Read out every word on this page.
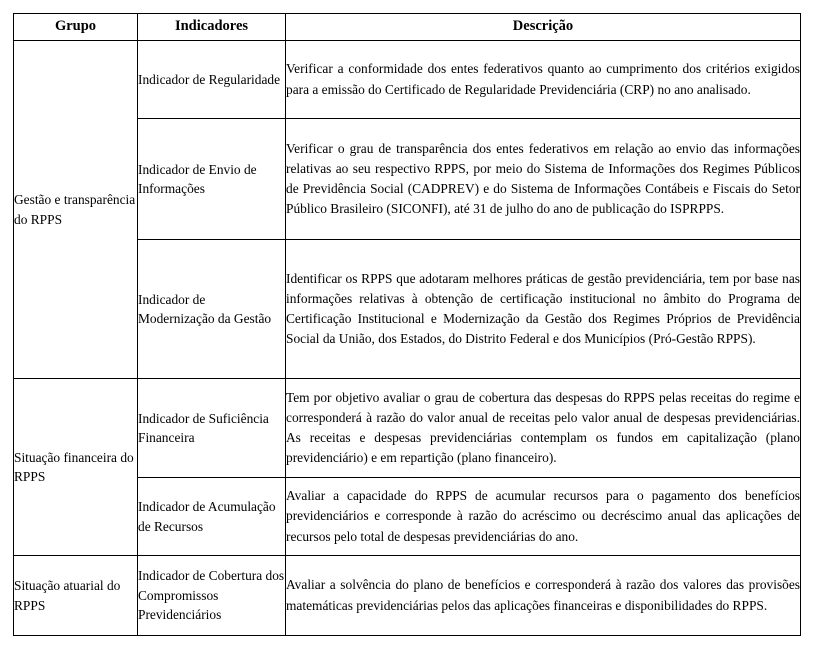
Grupo	Indicadores	Descrição
Gestão e transparência do RPPS	Indicador de Regularidade	Verificar a conformidade dos entes federativos quanto ao cumprimento dos critérios exigidos para a emissão do Certificado de Regularidade Previdenciária (CRP) no ano analisado.
	Indicador de Envio de Informações	Verificar o grau de transparência dos entes federativos em relação ao envio das informações relativas ao seu respectivo RPPS, por meio do Sistema de Informações dos Regimes Públicos de Previdência Social (CADPREV) e do Sistema de Informações Contábeis e Fiscais do Setor Público Brasileiro (SICONFI), até 31 de julho do ano de publicação do ISPRPPS.
	Indicador de Modernização da Gestão	Identificar os RPPS que adotaram melhores práticas de gestão previdenciária, tem por base nas informações relativas à obtenção de certificação institucional no âmbito do Programa de Certificação Institucional e Modernização da Gestão dos Regimes Próprios de Previdência Social da União, dos Estados, do Distrito Federal e dos Municípios (Pró-Gestão RPPS).
Situação financeira do RPPS	Indicador de Suficiência Financeira	Tem por objetivo avaliar o grau de cobertura das despesas do RPPS pelas receitas do regime e corresponderá à razão do valor anual de receitas pelo valor anual de despesas previdenciárias. As receitas e despesas previdenciárias contemplam os fundos em capitalização (plano previdenciário) e em repartição (plano financeiro).
	Indicador de Acumulação de Recursos	Avaliar a capacidade do RPPS de acumular recursos para o pagamento dos benefícios previdenciários e corresponde à razão do acréscimo ou decréscimo anual das aplicações de recursos pelo total de despesas previdenciárias do ano.
Situação atuarial do RPPS	Indicador de Cobertura dos Compromissos Previdenciários	Avaliar a solvência do plano de benefícios e corresponderá à razão dos valores das provisões matemáticas previdenciárias pelos das aplicações financeiras e disponibilidades do RPPS.
